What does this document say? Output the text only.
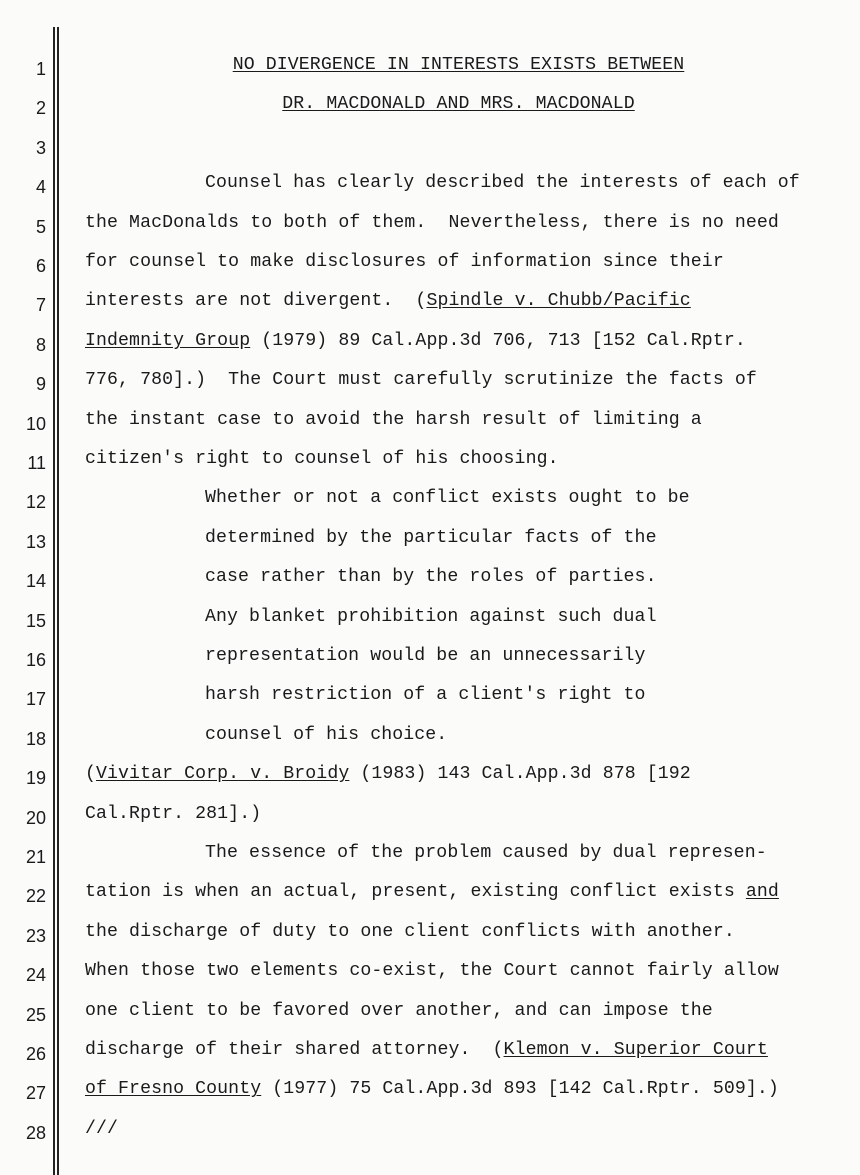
1	NO DIVERGENCE IN INTERESTS EXISTS BETWEEN
2	DR. MACDONALD AND MRS. MACDONALD
3
4	Counsel has clearly described the interests of each of
5 the MacDonalds to both of them.  Nevertheless, there is no need
6 for counsel to make disclosures of information since their
7 interests are not divergent.  (Spindle v. Chubb/Pacific
8 Indemnity Group (1979) 89 Cal.App.3d 706, 713 [152 Cal.Rptr.
9 776, 780].)  The Court must carefully scrutinize the facts of
10 the instant case to avoid the harsh result of limiting a
11 citizen's right to counsel of his choosing.
12	Whether or not a conflict exists ought to be
13	determined by the particular facts of the
14	case rather than by the roles of parties.
15	Any blanket prohibition against such dual
16	representation would be an unnecessarily
17	harsh restriction of a client's right to
18	counsel of his choice.
19 (Vivitar Corp. v. Broidy (1983) 143 Cal.App.3d 878 [192
20 Cal.Rptr. 281].)
21	The essence of the problem caused by dual represen-
22 tation is when an actual, present, existing conflict exists and
23 the discharge of duty to one client conflicts with another.
24 When those two elements co-exist, the Court cannot fairly allow
25 one client to be favored over another, and can impose the
26 discharge of their shared attorney.  (Klemon v. Superior Court
27 of Fresno County (1977) 75 Cal.App.3d 893 [142 Cal.Rptr. 509].)
28 ///
